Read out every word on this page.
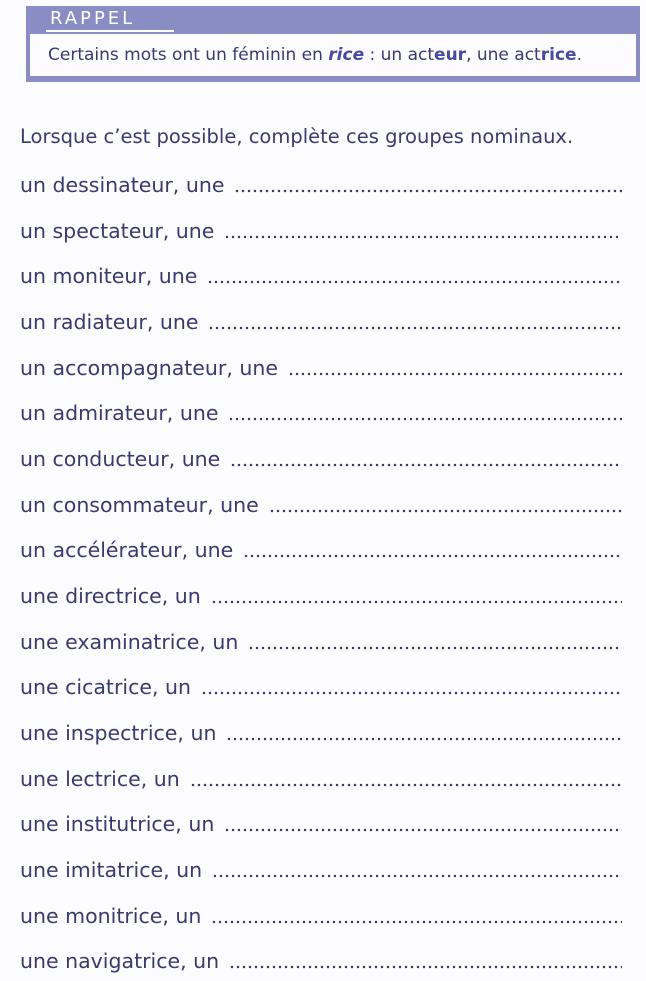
RAPPEL
Certains mots ont un féminin en rice : un acteur, une actrice.
Lorsque c’est possible, complète ces groupes nominaux.
un dessinateur, une
un spectateur, une
un moniteur, une
un radiateur, une
un accompagnateur, une
un admirateur, une
un conducteur, une
un consommateur, une
un accélérateur, une
une directrice, un
une examinatrice, un
une cicatrice, un
une inspectrice, un
une lectrice, un
une institutrice, un
une imitatrice, un
une monitrice, un
une navigatrice, un
